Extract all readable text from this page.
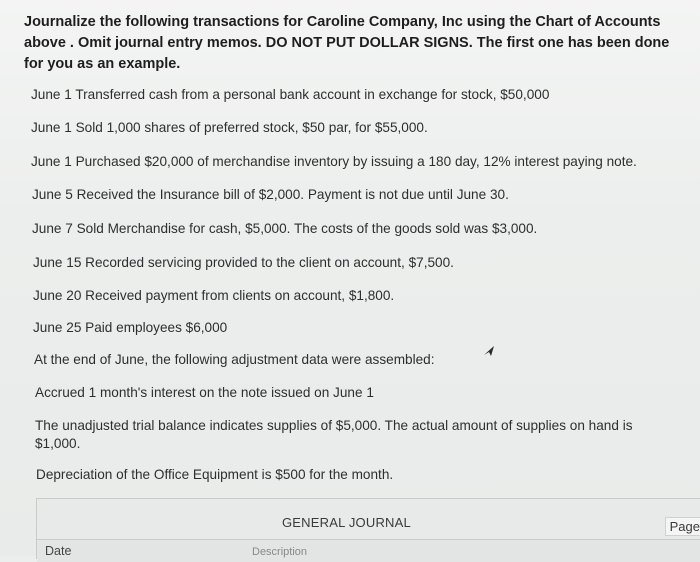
Journalize the following transactions for Caroline Company, Inc using the Chart of Accounts above . Omit journal entry memos. DO NOT PUT DOLLAR SIGNS. The first one has been done for you as an example.

June 1 Transferred cash from a personal bank account in exchange for stock, $50,000

June 1 Sold 1,000 shares of preferred stock, $50 par, for $55,000.

June 1 Purchased $20,000 of merchandise inventory by issuing a 180 day, 12% interest paying note.

June 5 Received the Insurance bill of $2,000. Payment is not due until June 30.

June 7 Sold Merchandise for cash, $5,000. The costs of the goods sold was $3,000.

June 15 Recorded servicing provided to the client on account, $7,500.

June 20 Received payment from clients on account, $1,800.

June 25 Paid employees $6,000

At the end of June, the following adjustment data were assembled:

Accrued 1 month's interest on the note issued on June 1

The unadjusted trial balance indicates supplies of $5,000. The actual amount of supplies on hand is $1,000.

Depreciation of the Office Equipment is $500 for the month.

GENERAL JOURNAL	Page
Date	Description
